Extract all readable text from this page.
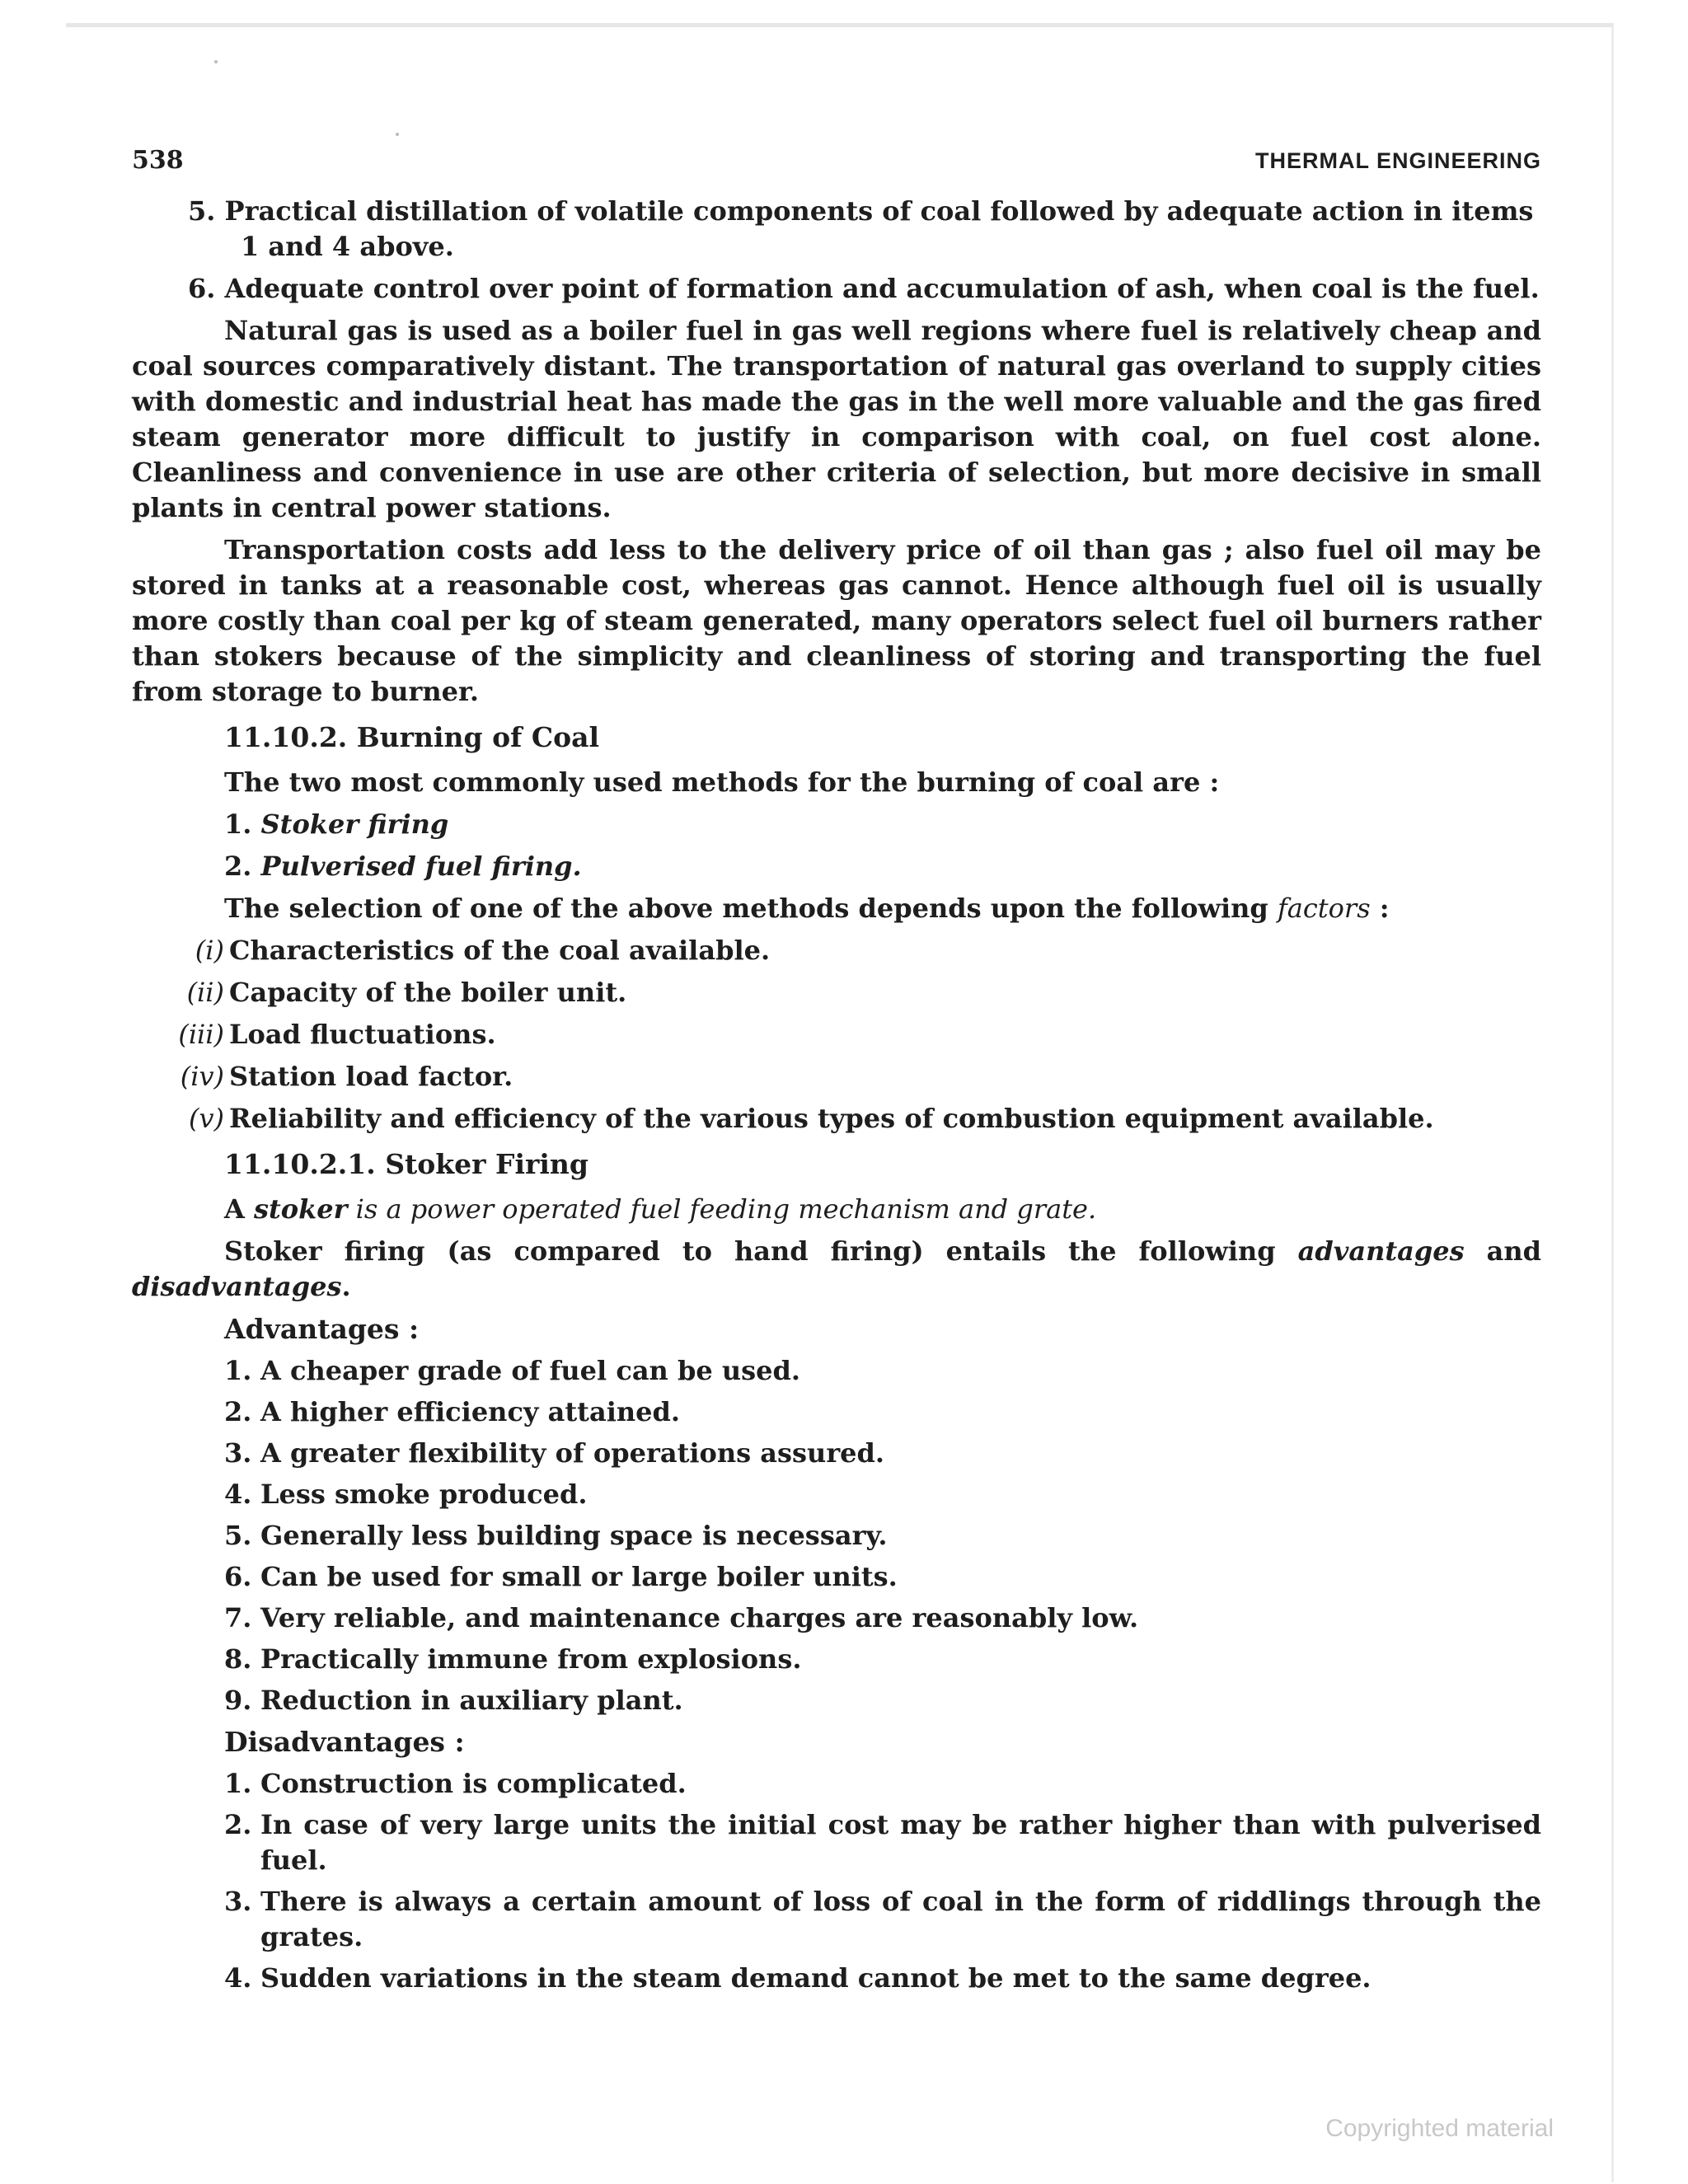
538	THERMAL ENGINEERING

5. Practical distillation of volatile components of coal followed by adequate action in items 1 and 4 above.

6. Adequate control over point of formation and accumulation of ash, when coal is the fuel.

Natural gas is used as a boiler fuel in gas well regions where fuel is relatively cheap and coal sources comparatively distant. The transportation of natural gas overland to supply cities with domestic and industrial heat has made the gas in the well more valuable and the gas fired steam generator more difficult to justify in comparison with coal, on fuel cost alone. Cleanliness and convenience in use are other criteria of selection, but more decisive in small plants in central power stations.

Transportation costs add less to the delivery price of oil than gas ; also fuel oil may be stored in tanks at a reasonable cost, whereas gas cannot. Hence although fuel oil is usually more costly than coal per kg of steam generated, many operators select fuel oil burners rather than stokers because of the simplicity and cleanliness of storing and transporting the fuel from storage to burner.

11.10.2. Burning of Coal

The two most commonly used methods for the burning of coal are :

1. Stoker firing

2. Pulverised fuel firing.

The selection of one of the above methods depends upon the following factors :

(i) Characteristics of the coal available.

(ii) Capacity of the boiler unit.

(iii) Load fluctuations.

(iv) Station load factor.

(v) Reliability and efficiency of the various types of combustion equipment available.

11.10.2.1. Stoker Firing

A stoker is a power operated fuel feeding mechanism and grate.

Stoker firing (as compared to hand firing) entails the following advantages and disadvantages.

Advantages :

1. A cheaper grade of fuel can be used.

2. A higher efficiency attained.

3. A greater flexibility of operations assured.

4. Less smoke produced.

5. Generally less building space is necessary.

6. Can be used for small or large boiler units.

7. Very reliable, and maintenance charges are reasonably low.

8. Practically immune from explosions.

9. Reduction in auxiliary plant.

Disadvantages :

1. Construction is complicated.

2. In case of very large units the initial cost may be rather higher than with pulverised fuel.

3. There is always a certain amount of loss of coal in the form of riddlings through the grates.

4. Sudden variations in the steam demand cannot be met to the same degree.

Copyrighted material
